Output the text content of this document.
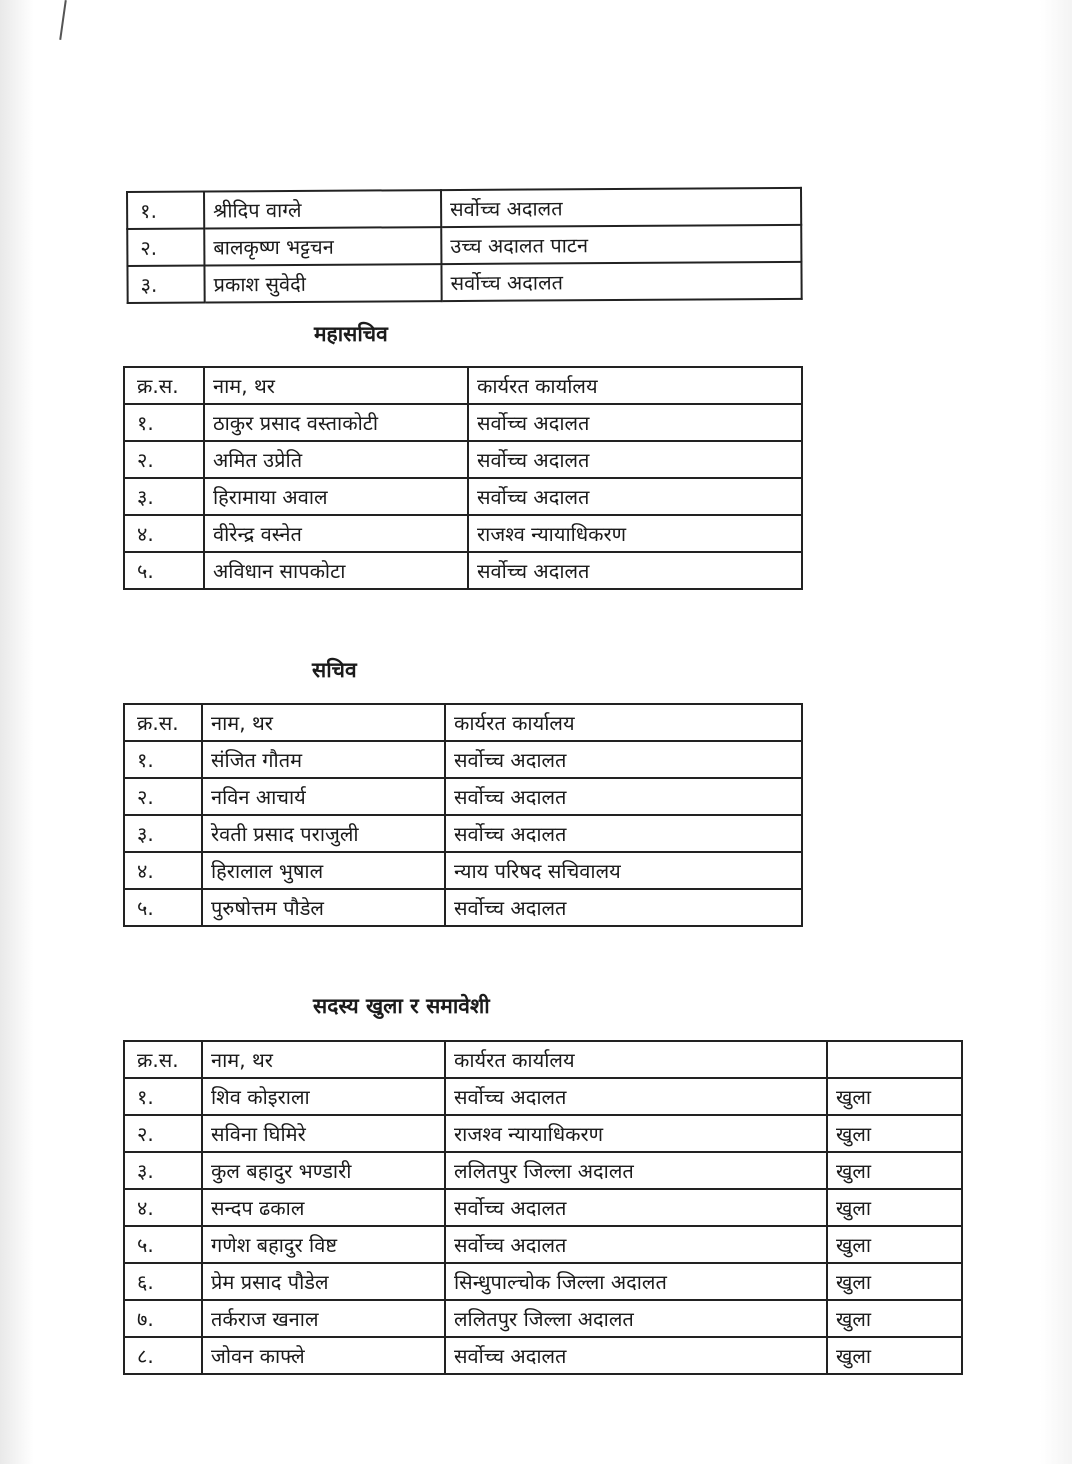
१.	श्रीदिप वाग्ले	सर्वोच्च अदालत
२.	बालकृष्ण भट्टचन	उच्च अदालत पाटन
३.	प्रकाश सुवेदी	सर्वोच्च अदालत
महासचिव
क्र.स.	नाम, थर	कार्यरत कार्यालय
१.	ठाकुर प्रसाद वस्ताकोटी	सर्वोच्च अदालत
२.	अमित उप्रेति	सर्वोच्च अदालत
३.	हिरामाया अवाल	सर्वोच्च अदालत
४.	वीरेन्द्र वस्नेत	राजश्व न्यायाधिकरण
५.	अविधान सापकोटा	सर्वोच्च अदालत
सचिव
क्र.स.	नाम, थर	कार्यरत कार्यालय
१.	संजित गौतम	सर्वोच्च अदालत
२.	नविन आचार्य	सर्वोच्च अदालत
३.	रेवती प्रसाद पराजुली	सर्वोच्च अदालत
४.	हिरालाल भुषाल	न्याय परिषद सचिवालय
५.	पुरुषोत्तम पौडेल	सर्वोच्च अदालत
सदस्य खुला र समावेशी
क्र.स.	नाम, थर	कार्यरत कार्यालय	
१.	शिव कोइराला	सर्वोच्च अदालत	खुला
२.	सविना घिमिरे	राजश्व न्यायाधिकरण	खुला
३.	कुल बहादुर भण्डारी	ललितपुर जिल्ला अदालत	खुला
४.	सन्दप ढकाल	सर्वोच्च अदालत	खुला
५.	गणेश बहादुर विष्ट	सर्वोच्च अदालत	खुला
६.	प्रेम प्रसाद पौडेल	सिन्धुपाल्चोक जिल्ला अदालत	खुला
७.	तर्कराज खनाल	ललितपुर जिल्ला अदालत	खुला
८.	जोवन काफ्ले	सर्वोच्च अदालत	खुला
